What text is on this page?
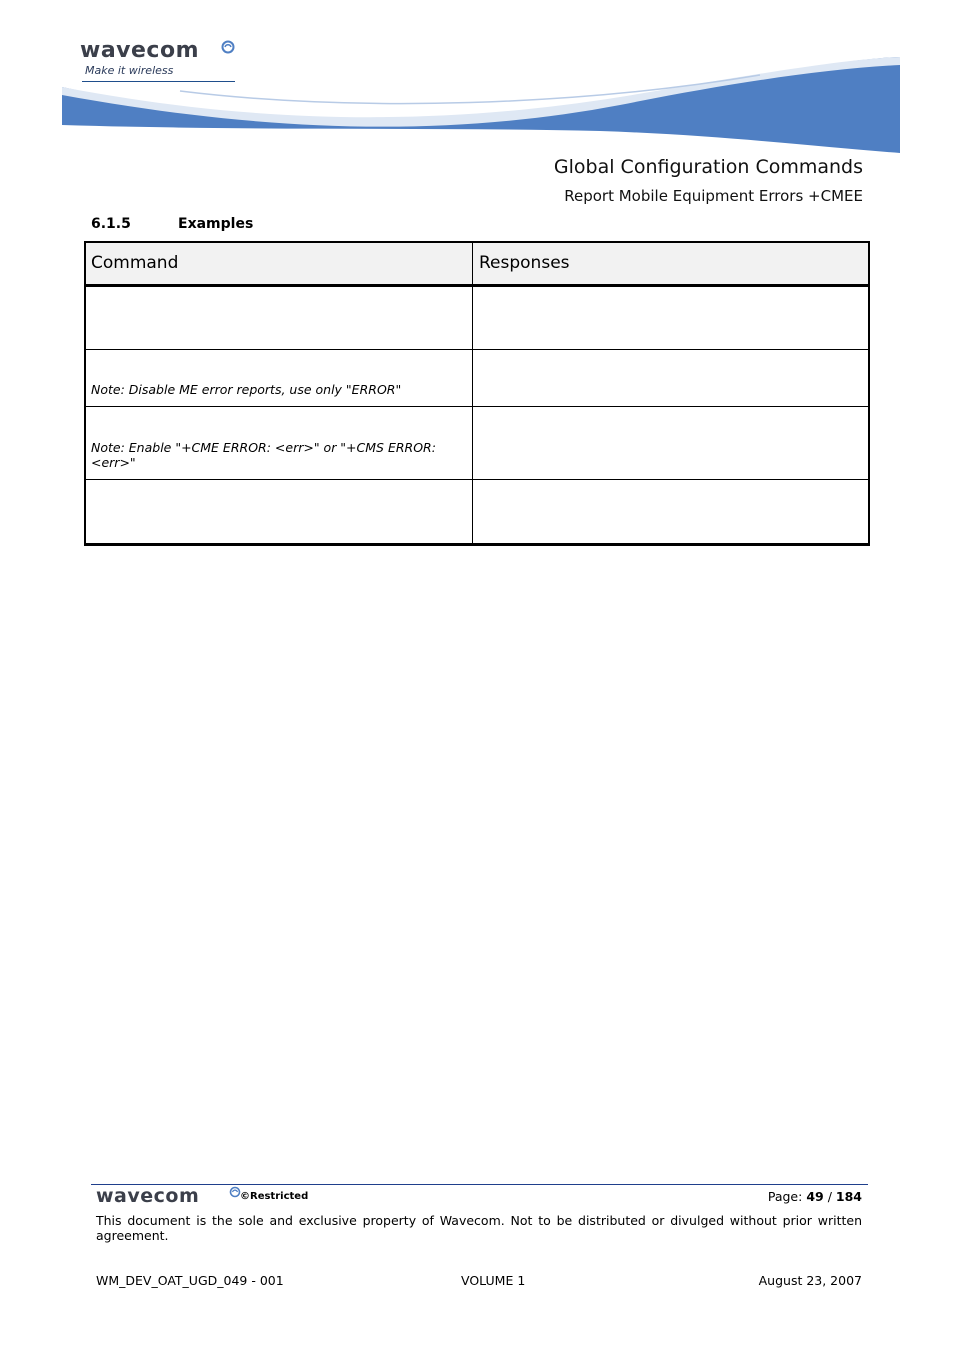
wavecom
Make it wireless
Global Configuration Commands
Report Mobile Equipment Errors +CMEE
6.1.5	Examples
Command	Responses

Note: Disable ME error reports, use only "ERROR"	
Note: Enable "+CME ERROR: <err>" or "+CMS ERROR: <err>"	

wavecom	©Restricted	Page: 49 / 184
This document is the sole and exclusive property of Wavecom. Not to be distributed or divulged without prior written agreement.
WM_DEV_OAT_UGD_049 - 001	VOLUME 1	August 23, 2007
